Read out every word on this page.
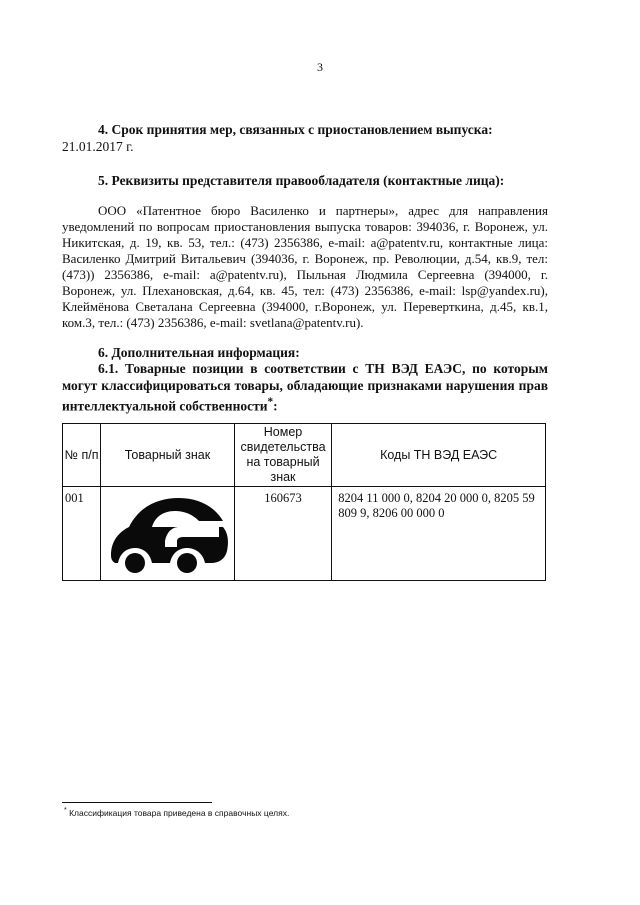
3
4. Срок принятия мер, связанных с приостановлением выпуска:
21.01.2017 г.
5. Реквизиты представителя правообладателя (контактные лица):
ООО «Патентное бюро Василенко и партнеры», адрес для направления уведомлений по вопросам приостановления выпуска товаров: 394036, г. Воронеж, ул. Никитская, д. 19, кв. 53, тел.: (473) 2356386, e-mail: a@patentv.ru, контактные лица: Василенко Дмитрий Витальевич (394036, г. Воронеж, пр. Революции, д.54, кв.9, тел: (473)) 2356386, e-mail: a@patentv.ru), Пыльная Людмила Сергеевна (394000, г. Воронеж, ул. Плехановская, д.64, кв. 45, тел: (473) 2356386, e-mail: lsp@yandex.ru), Клеймёнова Светалана Сергеевна (394000, г.Воронеж, ул. Переверткина, д.45, кв.1, ком.3, тел.: (473) 2356386, e-mail: svetlana@patentv.ru).
6. Дополнительная информация:
6.1. Товарные позиции в соответствии с ТН ВЭД ЕАЭС, по которым могут классифицироваться товары, обладающие признаками нарушения прав интеллектуальной собственности*:
№ п/п	Товарный знак	Номер свидетельства на товарный знак	Коды ТН ВЭД ЕАЭС
001		160673	8204 11 000 0, 8204 20 000 0, 8205 59 809 9, 8206 00 000 0
* Классификация товара приведена в справочных целях.
